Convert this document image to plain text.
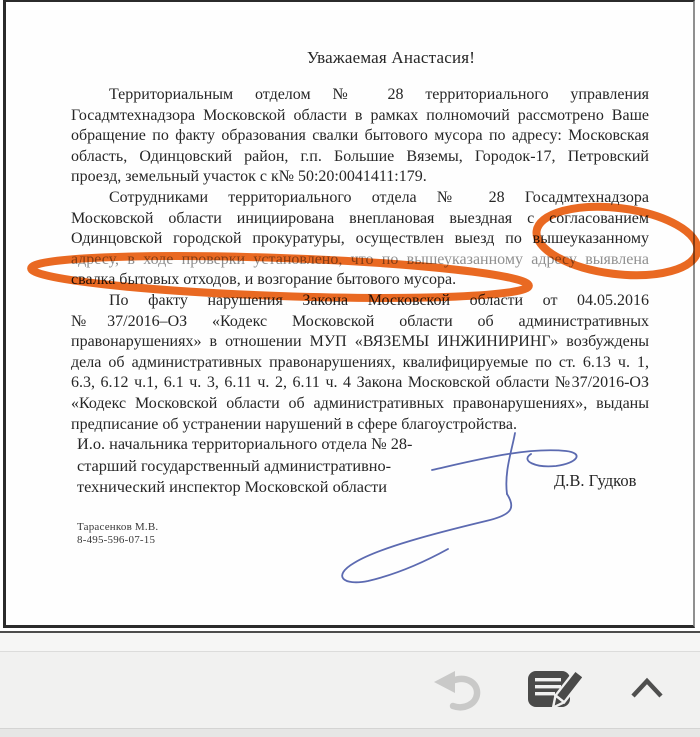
Уважаемая Анастасия!
Территориальным отделом № 28 территориального управления
Госадмтехнадзора Московской области в рамках полномочий рассмотрено Ваше
обращение по факту образования свалки бытового мусора по адресу: Московская
область, Одинцовский район, г.п. Большие Вяземы, Городок-17, Петровский
проезд, земельный участок с к№ 50:20:0041411:179.
Сотрудниками территориального отдела № 28 Госадмтехнадзора
Московской области инициирована внеплановая выездная с согласованием
Одинцовской городской прокуратуры, осуществлен выезд по вышеуказанному
адресу, в ходе проверки установлено, что по вышеуказанному адресу выявлена
свалка бытовых отходов, и возгорание бытового мусора.
По факту нарушения Закона Московской области от 04.05.2016
№37/2016–ОЗ «Кодекс Московской области об административных
правонарушениях» в отношении МУП «ВЯЗЕМЫ ИНЖИНИРИНГ» возбуждены
дела об административных правонарушениях, квалифицируемые по ст. 6.13 ч. 1,
6.3, 6.12 ч.1, 6.1 ч. 3, 6.11 ч. 2, 6.11 ч. 4 Закона Московской области №37/2016-ОЗ
«Кодекс Московской области об административных правонарушениях», выданы
предписание об устранении нарушений в сфере благоустройства.
И.о. начальника территориального отдела № 28-
старший государственный административно-
технический инспектор Московской области	Д.В. Гудков
Тарасенков М.В.
8-495-596-07-15
